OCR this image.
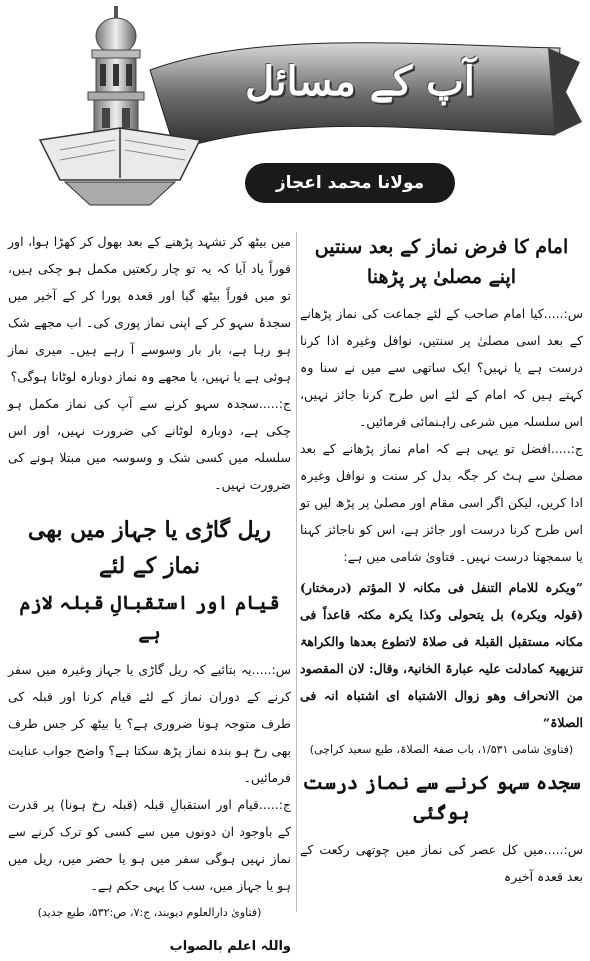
آپ کے مسائل
مولانا محمد اعجاز مصطفیٰ
امام کا فرض نماز کے بعد سنتیں اپنے مصلیٰ پر پڑھنا

س:.....کیا امام صاحب کے لئے جماعت کی نماز پڑھانے کے بعد اسی مصلیٰ پر سنتیں، نوافل وغیرہ ادا کرنا درست ہے یا نہیں؟ ایک ساتھی سے میں نے سنا وہ کہتے ہیں کہ امام کے لئے اس طرح کرنا جائز نہیں، اس سلسلہ میں شرعی راہنمائی فرمائیں۔

ج:.....افضل تو یہی ہے کہ امام نماز پڑھانے کے بعد مصلیٰ سے ہٹ کر جگہ بدل کر سنت و نوافل وغیرہ ادا کریں، لیکن اگر اسی مقام اور مصلیٰ پر پڑھ لیں تو اس طرح کرنا درست اور جائز ہے، اس کو ناجائز کہنا یا سمجھنا درست نہیں۔ فتاویٰ شامی میں ہے:

”ویکرہ للامام التنفل فی مکانہ لا المؤتم (درمختار) (قولہ ویکرہ) بل یتحولی وکذا یکرہ مکثہ قاعداً فی مکانہ مستقبل القبلۃ فی صلاۃ لاتطوع بعدھا والکراھۃ تنزیھیۃ کمادلت علیہ عبارۃ الخانیۃ، وقال: لان المقصود من الانحراف وھو زوال الاشتباہ ای اشتباہ انہ فی الصلاۃ“

(فتاویٰ شامی ۱/۵۳۱، باب صفۃ الصلاۃ، طبع سعید کراچی)
سجدہ سہو کرنے سے نماز درست ہوگئی

س:.....میں کل عصر کی نماز میں چوتھی رکعت کے بعد قعدہ آخیرہ

میں بیٹھ کر تشہد پڑھنے کے بعد بھول کر کھڑا ہوا، اور فوراً یاد آیا کہ یہ تو چار رکعتیں مکمل ہو چکی ہیں، تو میں فوراً بیٹھ گیا اور قعدہ پورا کر کے آخیر میں سجدۂ سہو کر کے اپنی نماز پوری کی۔ اب مجھے شک ہو رہا ہے، بار بار وسوسے آ رہے ہیں۔ میری نماز ہوئی ہے یا نہیں، یا مجھے وہ نماز دوبارہ لوٹانا ہوگی؟

ج:.....سجدہ سہو کرنے سے آپ کی نماز مکمل ہو چکی ہے، دوبارہ لوٹانے کی ضرورت نہیں، اور اس سلسلہ میں کسی شک و وسوسہ میں مبتلا ہونے کی ضرورت نہیں۔

ریل گاڑی یا جہاز میں بھی نماز کے لئے
قیام اور استقبالِ قبلہ لازم ہے

س:.....یہ بتائیے کہ ریل گاڑی یا جہاز وغیرہ میں سفر کرنے کے دوران نماز کے لئے قیام کرنا اور قبلہ کی طرف متوجہ ہونا ضروری ہے؟ یا بیٹھ کر جس طرف بھی رخ ہو بندہ نماز پڑھ سکتا ہے؟ واضح جواب عنایت فرمائیں۔

ج:.....قیام اور استقبالِ قبلہ (قبلہ رخ ہونا) پر قدرت کے باوجود ان دونوں میں سے کسی کو ترک کرنے سے نماز نہیں ہوگی سفر میں ہو یا حضر میں، ریل میں ہو یا جہاز میں، سب کا یہی حکم ہے۔

(فتاویٰ دارالعلوم دیوبند، ج:۷، ص:۵۳۲، طبع جدید)
واللہ اعلم بالصواب
